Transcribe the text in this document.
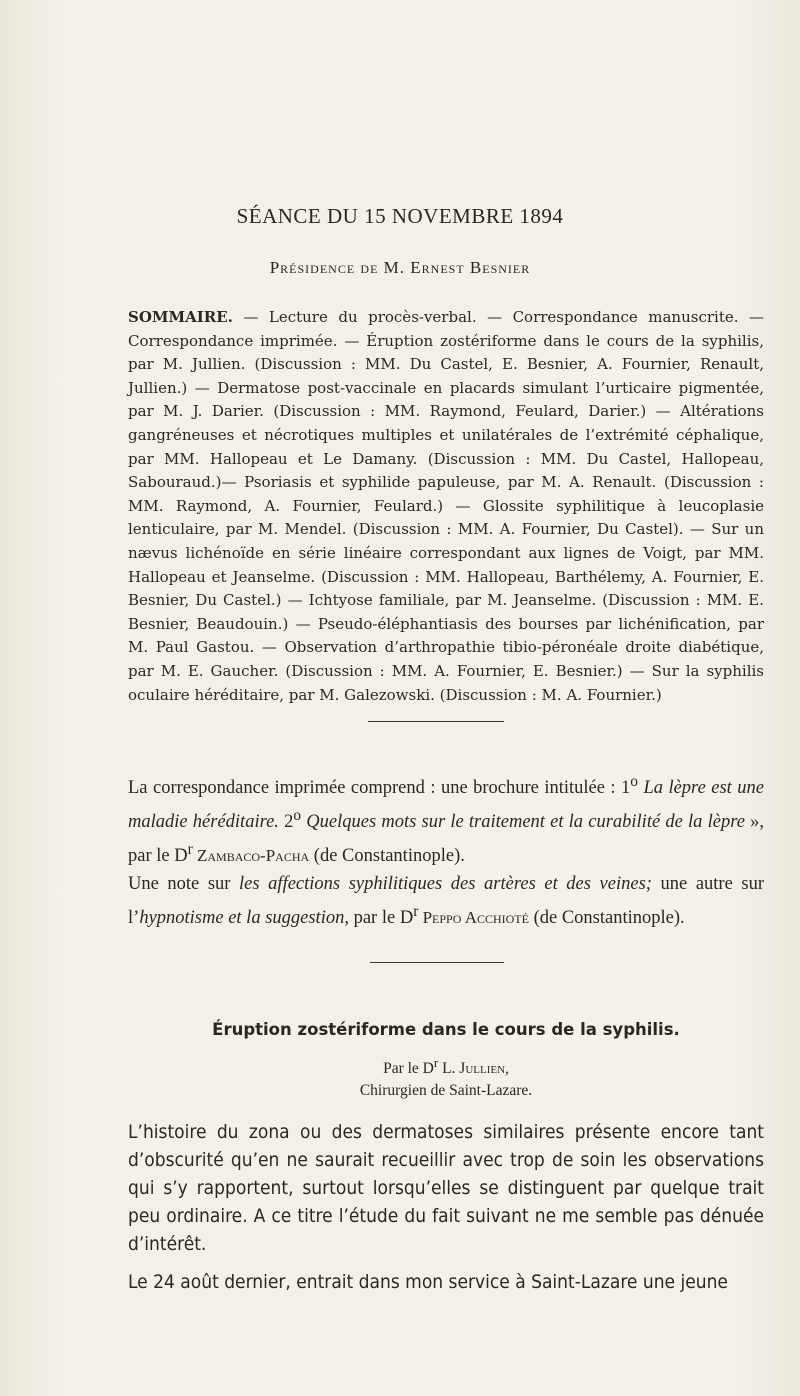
SÉANCE DU 15 NOVEMBRE 1894
Présidence de M. Ernest Besnier
SOMMAIRE. — Lecture du procès-verbal. — Correspondance manuscrite. — Correspondance imprimée. — Éruption zostériforme dans le cours de la syphilis, par M. Jullien. (Discussion : MM. Du Castel, E. Besnier, A. Fournier, Renault, Jullien.) — Dermatose post-vaccinale en placards simulant l’urticaire pigmentée, par M. J. Darier. (Discussion : MM. Raymond, Feulard, Darier.) — Altérations gangréneuses et nécrotiques multiples et unilatérales de l’extrémité céphalique, par MM. Hallopeau et Le Damany. (Discussion : MM. Du Castel, Hallopeau, Sabouraud.)— Psoriasis et syphilide papuleuse, par M. A. Renault. (Discussion : MM. Raymond, A. Fournier, Feulard.) — Glossite syphilitique à leucoplasie lenticulaire, par M. Mendel. (Discussion : MM. A. Fournier, Du Castel). — Sur un nævus lichénoïde en série linéaire correspondant aux lignes de Voigt, par MM. Hallopeau et Jeanselme. (Discussion : MM. Hallopeau, Barthélemy, A. Fournier, E. Besnier, Du Castel.) — Ichtyose familiale, par M. Jeanselme. (Discussion : MM. E. Besnier, Beaudouin.) — Pseudo-éléphantiasis des bourses par lichénification, par M. Paul Gastou. — Observation d’arthropathie tibio-péronéale droite diabétique, par M. E. Gaucher. (Discussion : MM. A. Fournier, E. Besnier.) — Sur la syphilis oculaire héréditaire, par M. Galezowski. (Discussion : M. A. Fournier.)

La correspondance imprimée comprend : une brochure intitulée : 1$^o$ La lèpre est une maladie héréditaire. 2$^o$ Quelques mots sur le traitement et la curabilité de la lèpre », par le $D^r$ Zambaco-Pacha (de Constantinople).

Une note sur les affections syphilitiques des artères et des veines; une autre sur l’hypnotisme et la suggestion, par le $D^r$ Peppo Acchioté (de Constantinople).

Éruption zostériforme dans le cours de la syphilis.
Par le $D^r$ L. Jullien,
Chirurgien de Saint-Lazare.

L’histoire du zona ou des dermatoses similaires présente encore tant d’obscurité qu’en ne saurait recueillir avec trop de soin les observations qui s’y rapportent, surtout lorsqu’elles se distinguent par quelque trait peu ordinaire. A ce titre l’étude du fait suivant ne me semble pas dénuée d’intérêt.

Le 24 août dernier, entrait dans mon service à Saint-Lazare une jeune
